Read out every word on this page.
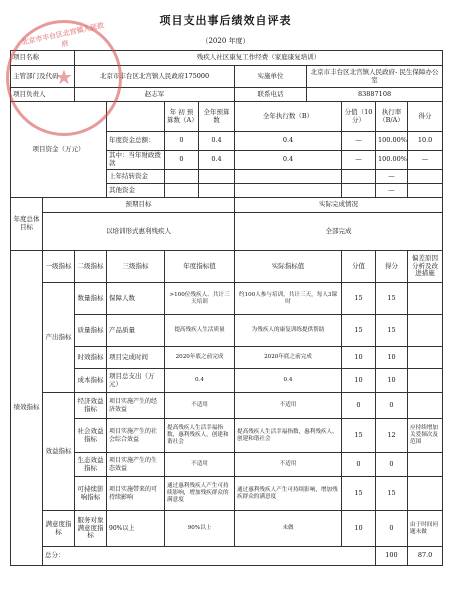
项目支出事后绩效自评表
（2020 年度）
项目名称		残疾人社区康复工作经费（家庭康复培训）									
主管部门及代码		北京市丰台区北宫镇人民政府175000				实施单位	北京市丰台区北宫镇人民政府- 民生保障办公室				
项目负责人		赵志军				联系电话	83887108				
项目资金（万元）				年 初 预算数（A）	全年预算数	全年执行数（B）		分值（10分）	执行率（B/A）	得分	
			年度资金总额：	0	0.4	0.4		—	100.00%	10.0	
			其中：当年财政拨款	0	0.4	0.4		—	100.00%	—	
			上年结转资金						—		
			其他资金						—		
年度总体目标	预期目标					实际完成情况					
	以培训形式惠利残疾人					全部完成					
绩效指标	一级指标	二级指标	三级指标	年度指标值		实际指标值		分值	得分	偏差原因分析及改进措施	
	产出指标	数量指标	保障人数	>100位残疾人、共计三天培训		约100人参与培训，共计三天，每人3课时		15	15		
		质量指标	产品质量	提高残疾人生活质量		为残疾人的康复训练提供帮助		15	15		
		时效指标	项目完成时间	2020年底之前完成		2020年底之前完成		10	10		
		成本指标	项目总支出（万元）	0.4		0.4		10	10		
	效益指标	经济效益指标	项目实施产生的经济效益	不适用		不适用		0	0		
		社会效益指标	项目实施产生的社会综合效益	提高残疾人生活幸福指数，惠利残疾人，创建和谐社会		提高残疾人生活幸福指数，惠利残疾人，创建和谐社会		15	12	应持续增加关爱频次及范围	
		生态效益指标	项目实施产生的生态效益	不适用		不适用		0	0		
		可持续影响指标	项目实施带来的可持续影响	通过惠利残疾人产生可持续影响，增加残疾群众的满意度		通过惠利残疾人产生可持续影响，增加残疾群众的满意度		15	15		
	满意度指标	服务对象满意度指标	90%以上	90%以上		未做		10	0	由于时间问题未做	
	总分：								100	87.0	
北京市丰台区北宫镇人民政府
★
